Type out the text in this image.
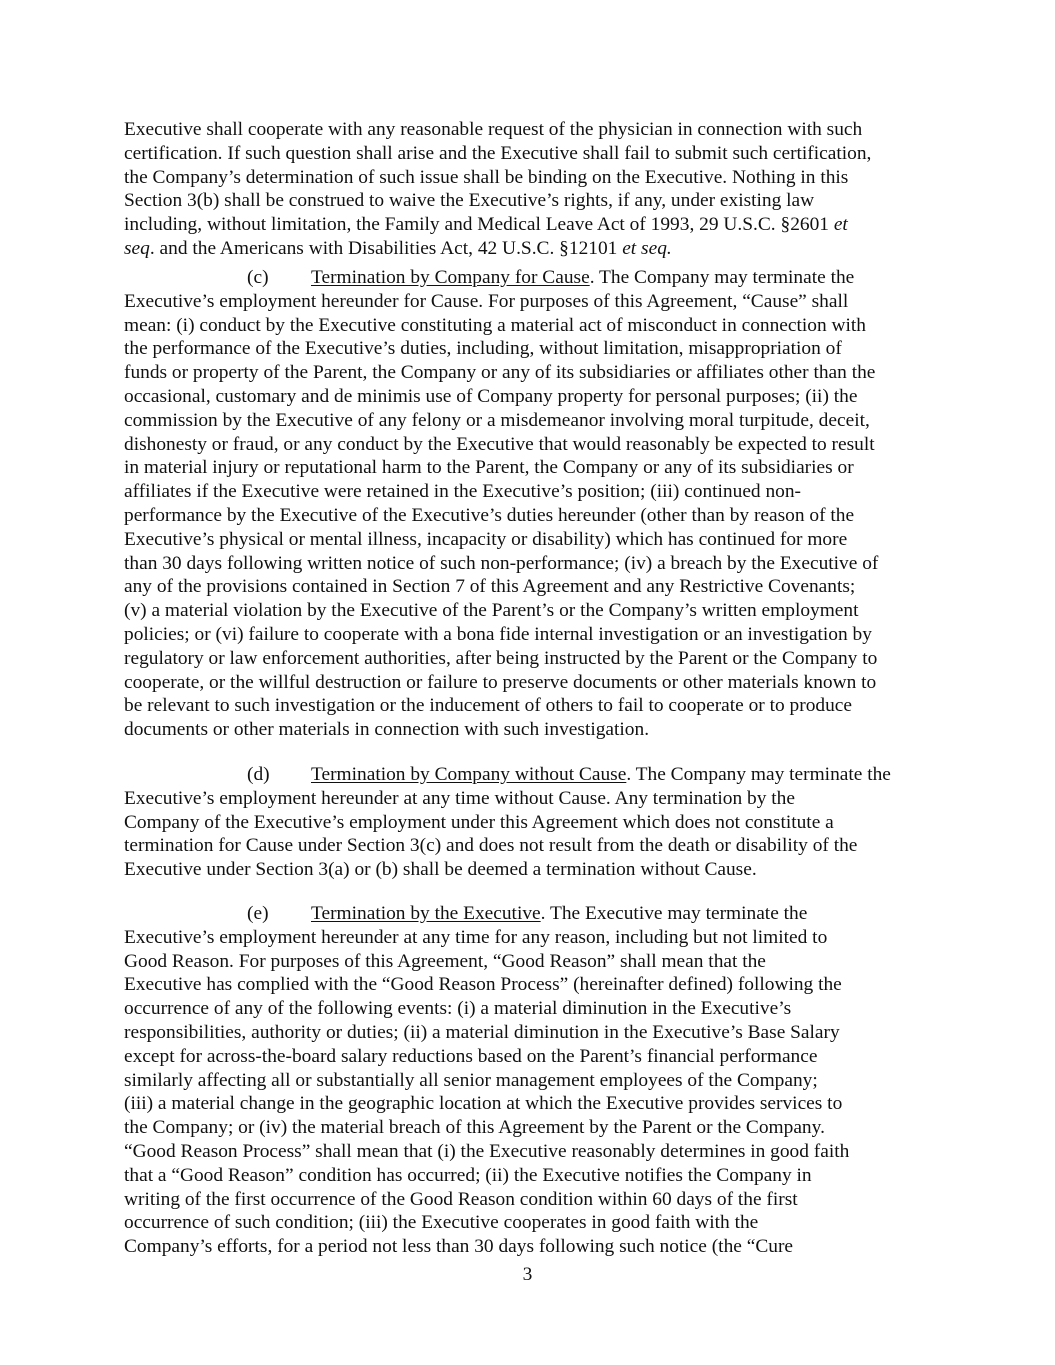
Executive shall cooperate with any reasonable request of the physician in connection with such
certification. If such question shall arise and the Executive shall fail to submit such certification,
the Company’s determination of such issue shall be binding on the Executive. Nothing in this
Section 3(b) shall be construed to waive the Executive’s rights, if any, under existing law
including, without limitation, the Family and Medical Leave Act of 1993, 29 U.S.C. §2601 et
seq. and the Americans with Disabilities Act, 42 U.S.C. §12101 et seq.
(c) Termination by Company for Cause. The Company may terminate the
Executive’s employment hereunder for Cause. For purposes of this Agreement, “Cause” shall
mean: (i) conduct by the Executive constituting a material act of misconduct in connection with
the performance of the Executive’s duties, including, without limitation, misappropriation of
funds or property of the Parent, the Company or any of its subsidiaries or affiliates other than the
occasional, customary and de minimis use of Company property for personal purposes; (ii) the
commission by the Executive of any felony or a misdemeanor involving moral turpitude, deceit,
dishonesty or fraud, or any conduct by the Executive that would reasonably be expected to result
in material injury or reputational harm to the Parent, the Company or any of its subsidiaries or
affiliates if the Executive were retained in the Executive’s position; (iii) continued non-
performance by the Executive of the Executive’s duties hereunder (other than by reason of the
Executive’s physical or mental illness, incapacity or disability) which has continued for more
than 30 days following written notice of such non-performance; (iv) a breach by the Executive of
any of the provisions contained in Section 7 of this Agreement and any Restrictive Covenants;
(v) a material violation by the Executive of the Parent’s or the Company’s written employment
policies; or (vi) failure to cooperate with a bona fide internal investigation or an investigation by
regulatory or law enforcement authorities, after being instructed by the Parent or the Company to
cooperate, or the willful destruction or failure to preserve documents or other materials known to
be relevant to such investigation or the inducement of others to fail to cooperate or to produce
documents or other materials in connection with such investigation.
(d) Termination by Company without Cause. The Company may terminate the
Executive’s employment hereunder at any time without Cause. Any termination by the
Company of the Executive’s employment under this Agreement which does not constitute a
termination for Cause under Section 3(c) and does not result from the death or disability of the
Executive under Section 3(a) or (b) shall be deemed a termination without Cause.
(e) Termination by the Executive. The Executive may terminate the
Executive’s employment hereunder at any time for any reason, including but not limited to
Good Reason. For purposes of this Agreement, “Good Reason” shall mean that the
Executive has complied with the “Good Reason Process” (hereinafter defined) following the
occurrence of any of the following events: (i) a material diminution in the Executive’s
responsibilities, authority or duties; (ii) a material diminution in the Executive’s Base Salary
except for across-the-board salary reductions based on the Parent’s financial performance
similarly affecting all or substantially all senior management employees of the Company;
(iii) a material change in the geographic location at which the Executive provides services to
the Company; or (iv) the material breach of this Agreement by the Parent or the Company.
“Good Reason Process” shall mean that (i) the Executive reasonably determines in good faith
that a “Good Reason” condition has occurred; (ii) the Executive notifies the Company in
writing of the first occurrence of the Good Reason condition within 60 days of the first
occurrence of such condition; (iii) the Executive cooperates in good faith with the
Company’s efforts, for a period not less than 30 days following such notice (the “Cure
3
